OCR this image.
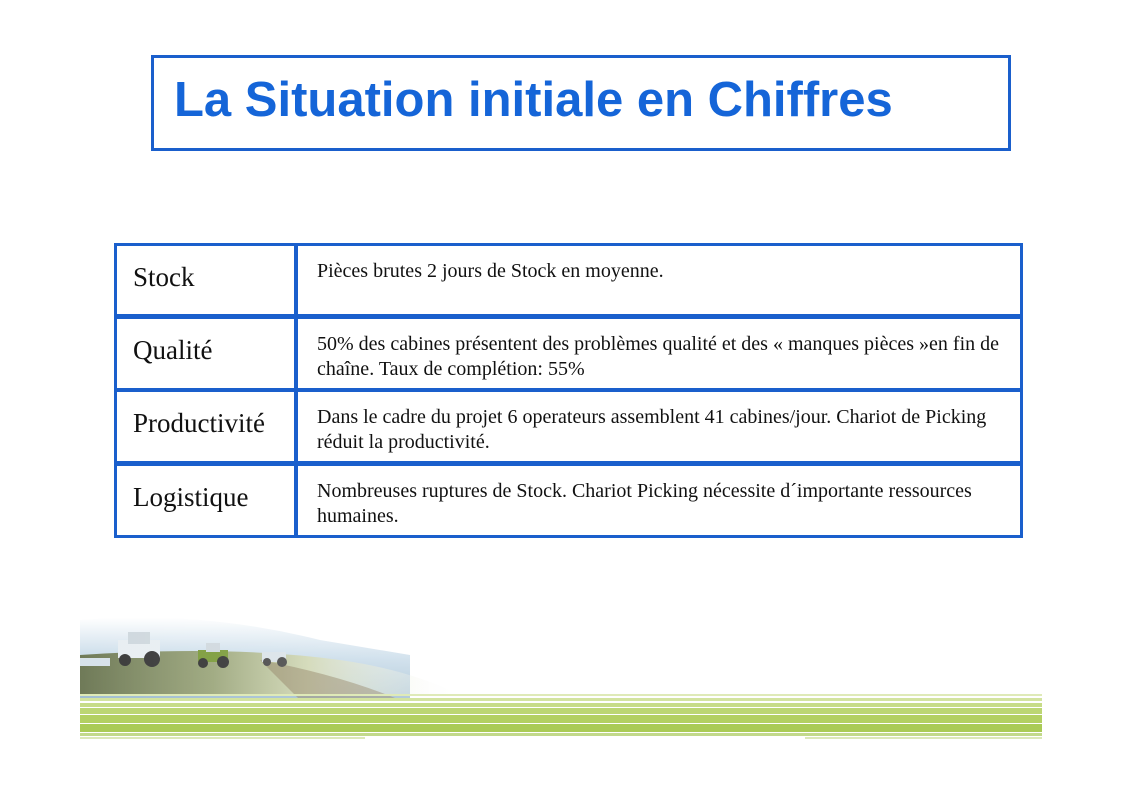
La Situation initiale en Chiffres
Stock	Pièces brutes 2 jours de Stock en moyenne.
Qualité	50% des cabines présentent des problèmes qualité et des « manques pièces »en fin de chaîne. Taux de complétion: 55%
Productivité	Dans le cadre du projet 6 operateurs assemblent 41 cabines/jour. Chariot de Picking réduit la productivité.
Logistique	Nombreuses ruptures de Stock. Chariot Picking nécessite d´importante ressources humaines.
